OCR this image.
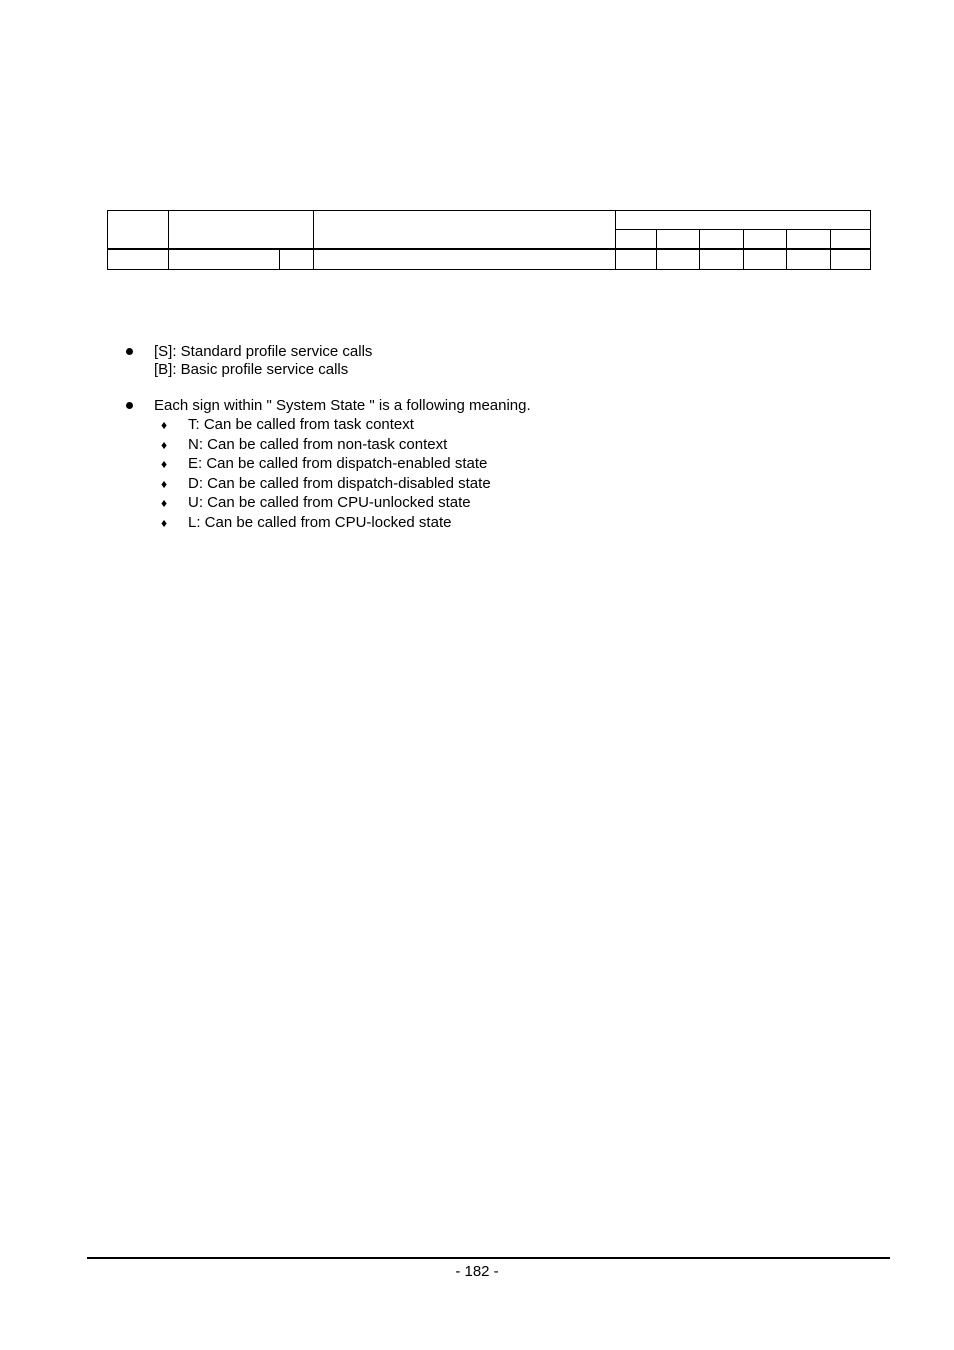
[S]: Standard profile service calls
[B]: Basic profile service calls
Each sign within " System State " is a following meaning.
♦ T: Can be called from task context
♦ N: Can be called from non-task context
♦ E: Can be called from dispatch-enabled state
♦ D: Can be called from dispatch-disabled state
♦ U: Can be called from CPU-unlocked state
♦ L: Can be called from CPU-locked state
- 182 -
